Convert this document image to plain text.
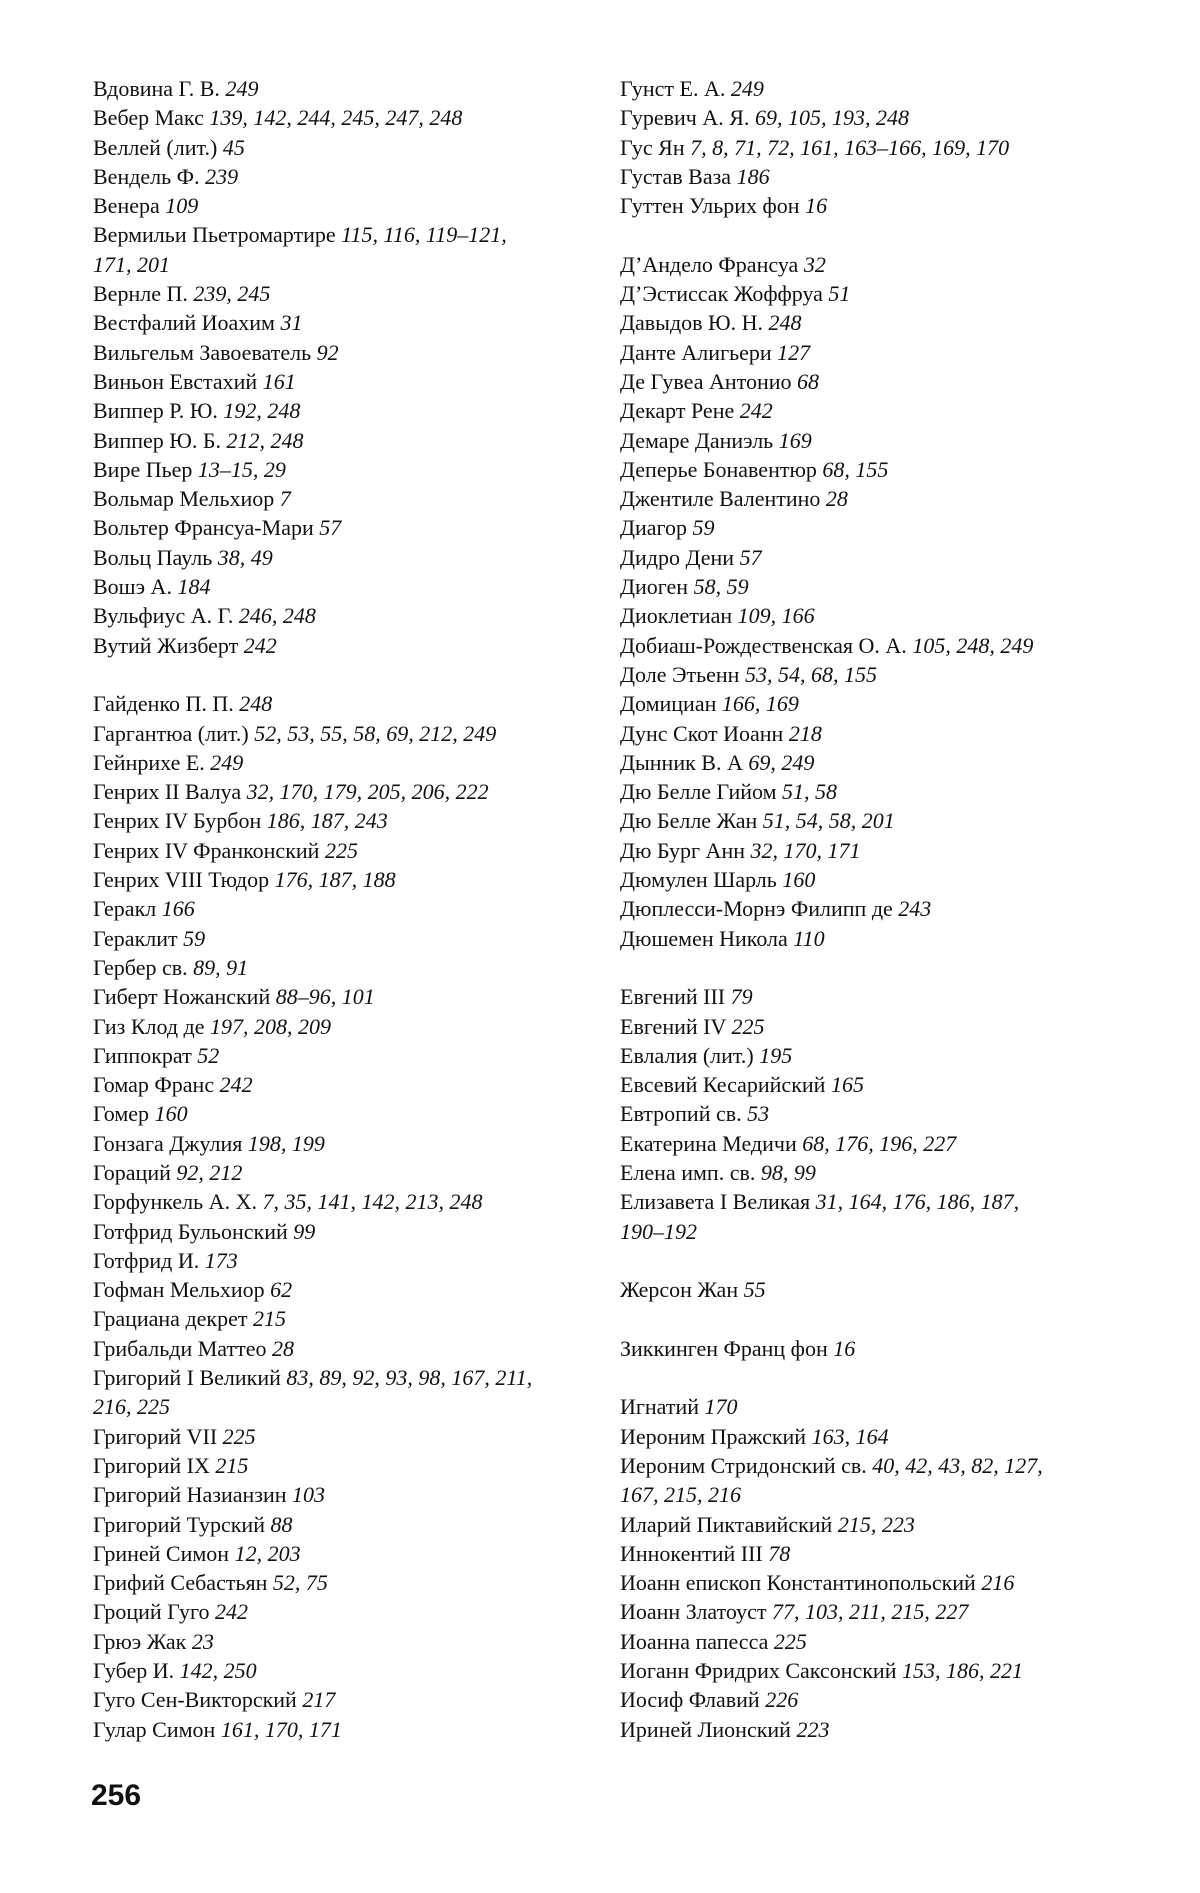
Вдовина Г. В. 249
Вебер Макс 139, 142, 244, 245, 247, 248
Веллей (лит.) 45
Вендель Ф. 239
Венера 109
Вермильи Пьетромартире 115, 116, 119–121,
171, 201
Вернле П. 239, 245
Вестфалий Иоахим 31
Вильгельм Завоеватель 92
Виньон Евстахий 161
Виппер Р. Ю. 192, 248
Виппер Ю. Б. 212, 248
Вире Пьер 13–15, 29
Вольмар Мельхиор 7
Вольтер Франсуа-Мари 57
Вольц Пауль 38, 49
Вошэ А. 184
Вульфиус А. Г. 246, 248
Вутий Жизберт 242
Гайденко П. П. 248
Гаргантюа (лит.) 52, 53, 55, 58, 69, 212, 249
Гейнрихе Е. 249
Генрих II Валуа 32, 170, 179, 205, 206, 222
Генрих IV Бурбон 186, 187, 243
Генрих IV Франконский 225
Генрих VIII Тюдор 176, 187, 188
Геракл 166
Гераклит 59
Гербер св. 89, 91
Гиберт Ножанский 88–96, 101
Гиз Клод де 197, 208, 209
Гиппократ 52
Гомар Франс 242
Гомер 160
Гонзага Джулия 198, 199
Гораций 92, 212
Горфункель А. Х. 7, 35, 141, 142, 213, 248
Готфрид Бульонский 99
Готфрид И. 173
Гофман Мельхиор 62
Грациана декрет 215
Грибальди Маттео 28
Григорий I Великий 83, 89, 92, 93, 98, 167, 211,
216, 225
Григорий VII 225
Григорий IX 215
Григорий Назианзин 103
Григорий Турский 88
Гриней Симон 12, 203
Грифий Себастьян 52, 75
Гроций Гуго 242
Грюэ Жак 23
Губер И. 142, 250
Гуго Сен-Викторский 217
Гулар Симон 161, 170, 171
Гунст Е. А. 249
Гуревич А. Я. 69, 105, 193, 248
Гус Ян 7, 8, 71, 72, 161, 163–166, 169, 170
Густав Ваза 186
Гуттен Ульрих фон 16
Д’Анделo Франсуа 32
Д’Эстиссак Жоффруа 51
Давыдов Ю. Н. 248
Данте Алигьери 127
Де Гувеа Антонио 68
Декарт Рене 242
Демаре Даниэль 169
Деперье Бонавентюр 68, 155
Джентиле Валентино 28
Диагор 59
Дидро Дени 57
Диоген 58, 59
Диоклетиан 109, 166
Добиаш-Рождественская О. А. 105, 248, 249
Доле Этьенн 53, 54, 68, 155
Домициан 166, 169
Дунс Скот Иоанн 218
Дынник В. А 69, 249
Дю Белле Гийом 51, 58
Дю Белле Жан 51, 54, 58, 201
Дю Бург Анн 32, 170, 171
Дюмулен Шарль 160
Дюплесси-Морнэ Филипп де 243
Дюшемен Никола 110
Евгений III 79
Евгений IV 225
Евлалия (лит.) 195
Евсевий Кесарийский 165
Евтропий св. 53
Екатерина Медичи 68, 176, 196, 227
Елена имп. св. 98, 99
Елизавета I Великая 31, 164, 176, 186, 187,
190–192
Жерсон Жан 55
Зиккинген Франц фон 16
Игнатий 170
Иероним Пражский 163, 164
Иероним Стридонский св. 40, 42, 43, 82, 127,
167, 215, 216
Иларий Пиктавийский 215, 223
Иннокентий III 78
Иоанн епископ Константинопольский 216
Иоанн Златоуст 77, 103, 211, 215, 227
Иоанна папесса 225
Иоганн Фридрих Саксонский 153, 186, 221
Иосиф Флавий 226
Ириней Лионский 223
256
